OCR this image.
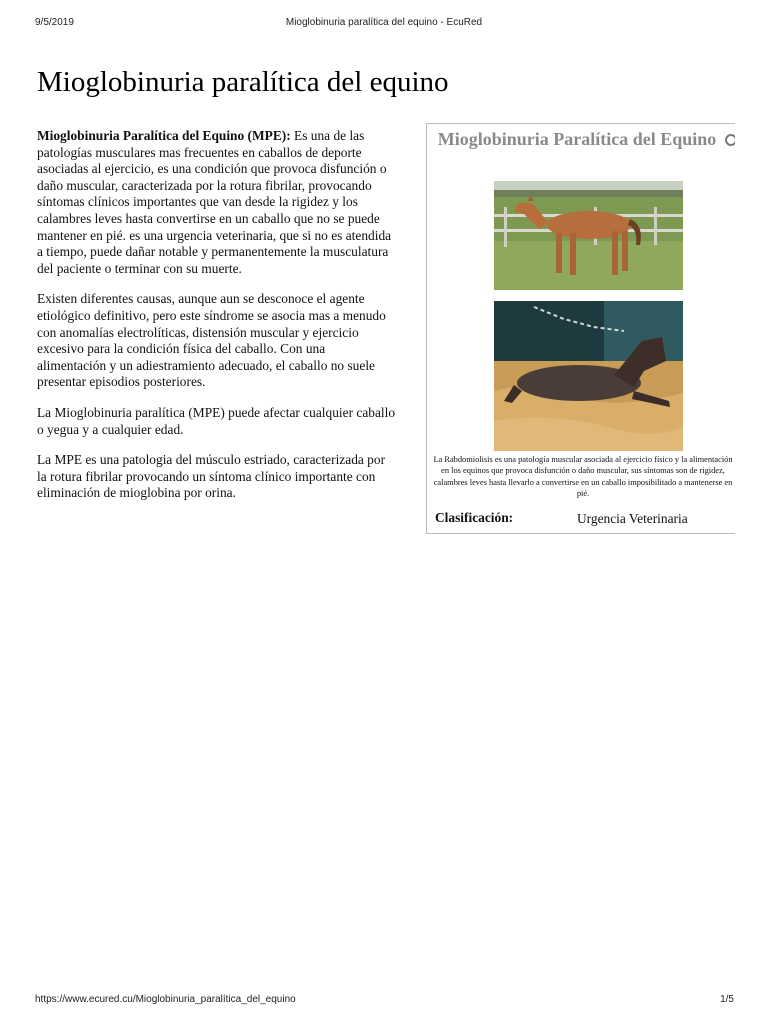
9/5/2019	Mioglobinuria paralítica del equino - EcuRed
Mioglobinuria paralítica del equino

Mioglobinuria Paralítica del Equino (MPE): Es una de las patologías musculares mas frecuentes en caballos de deporte asociadas al ejercicio, es una condición que provoca disfunción o daño muscular, caracterizada por la rotura fibrilar, provocando síntomas clínicos importantes que van desde la rigidez y los calambres leves hasta convertirse en un caballo que no se puede mantener en pié. es una urgencia veterinaria, que si no es atendida a tiempo, puede dañar notable y permanentemente la musculatura del paciente o terminar con su muerte.

Existen diferentes causas, aunque aun se desconoce el agente etiológico definitivo, pero este síndrome se asocia mas a menudo con anomalías electrolíticas, distensión muscular y ejercicio excesivo para la condición física del caballo. Con una alimentación y un adiestramiento adecuado, el caballo no suele presentar episodios posteriores.

La Mioglobinuria paralítica (MPE) puede afectar cualquier caballo o yegua y a cualquier edad.

La MPE es una patologia del músculo estriado, caracterizada por la rotura fibrilar provocando un síntoma clínico importante con eliminación de mioglobina por orina.

Mioglobinuria Paralítica del Equino
La Rabdomiolisis es una patología muscular asociada al ejercicio físico y la alimentación en los equinos que provoca disfunción o daño muscular, sus síntomas son de rigidez, calambres leves hasta llevarlo a convertirse en un caballo imposibilitado a mantenerse en pié.
Clasificación:	Urgencia Veterinaria
https://www.ecured.cu/Mioglobinuria_paralítica_del_equino	1/5
